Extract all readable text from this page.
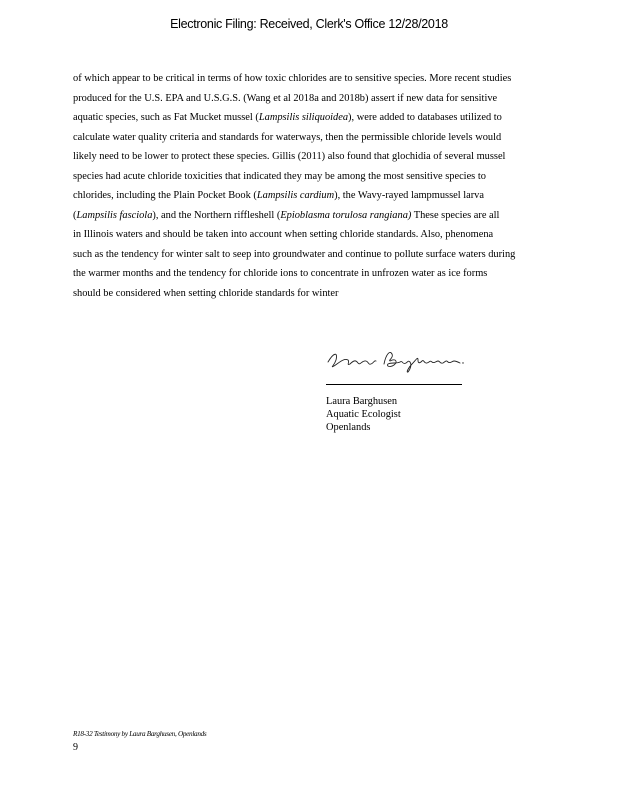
Electronic Filing: Received, Clerk's Office 12/28/2018
of which appear to be critical in terms of how toxic chlorides are to sensitive species. More recent studies
produced for the U.S. EPA and U.S.G.S. (Wang et al 2018a and 2018b) assert if new data for sensitive
aquatic species, such as Fat Mucket mussel (Lampsilis siliquoidea), were added to databases utilized to
calculate water quality criteria and standards for waterways, then the permissible chloride levels would
likely need to be lower to protect these species. Gillis (2011) also found that glochidia of several mussel
species had acute chloride toxicities that indicated they may be among the most sensitive species to
chlorides, including the Plain Pocket Book (Lampsilis cardium), the Wavy-rayed lampmussel larva
(Lampsilis fasciola), and the Northern riffleshell (Epioblasma torulosa rangiana) These species are all
in Illinois waters and should be taken into account when setting chloride standards. Also, phenomena
such as the tendency for winter salt to seep into groundwater and continue to pollute surface waters during
the warmer months and the tendency for chloride ions to concentrate in unfrozen water as ice forms
should be considered when setting chloride standards for winter
Laura Barghusen
Aquatic Ecologist
Openlands
R18-32 Testimony by Laura Barghusen, Openlands
9
